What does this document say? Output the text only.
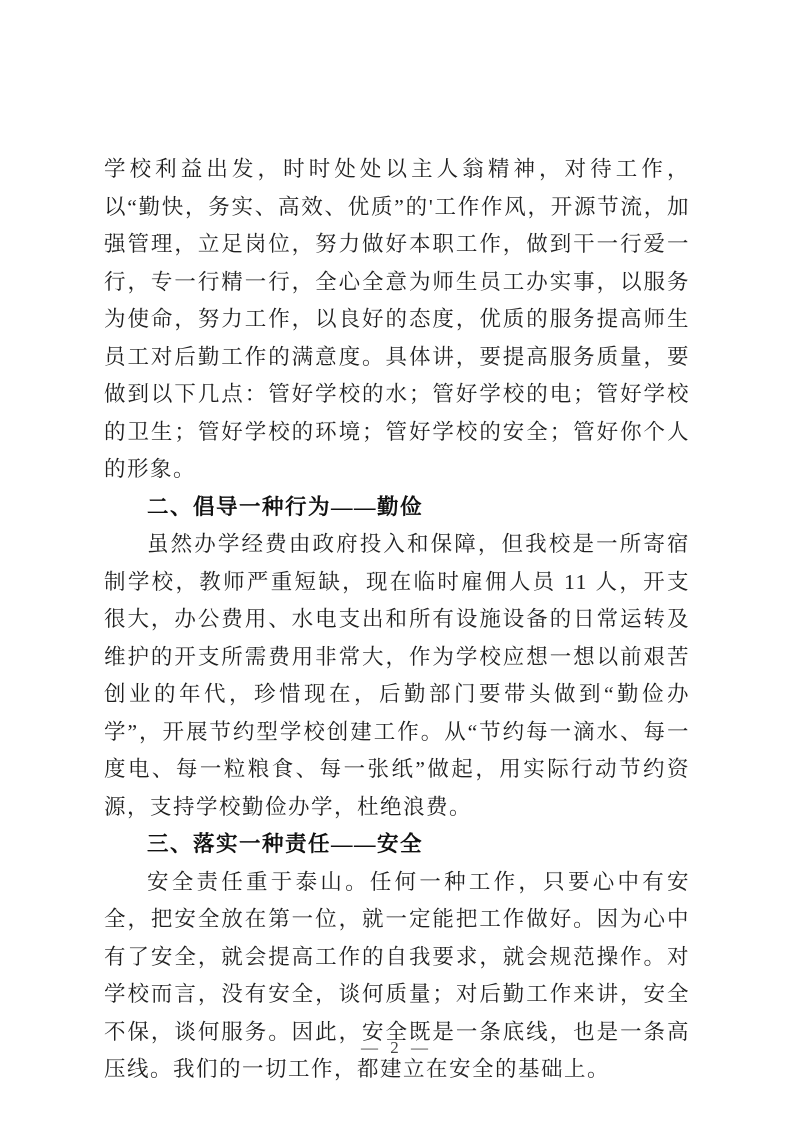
学校利益出发，时时处处以主人翁精神，对待工作，以“勤快，务实、高效、优质”的'工作作风，开源节流，加强管理，立足岗位，努力做好本职工作，做到干一行爱一行，专一行精一行，全心全意为师生员工办实事，以服务为使命，努力工作，以良好的态度，优质的服务提高师生员工对后勤工作的满意度。具体讲，要提高服务质量，要做到以下几点：管好学校的水；管好学校的电；管好学校的卫生；管好学校的环境；管好学校的安全；管好你个人的形象。

二、倡导一种行为——勤俭

虽然办学经费由政府投入和保障，但我校是一所寄宿制学校，教师严重短缺，现在临时雇佣人员 11 人，开支很大，办公费用、水电支出和所有设施设备的日常运转及维护的开支所需费用非常大，作为学校应想一想以前艰苦创业的年代，珍惜现在，后勤部门要带头做到“勤俭办学”，开展节约型学校创建工作。从“节约每一滴水、每一度电、每一粒粮食、每一张纸”做起，用实际行动节约资源，支持学校勤俭办学，杜绝浪费。

三、落实一种责任——安全

安全责任重于泰山。任何一种工作，只要心中有安全，把安全放在第一位，就一定能把工作做好。因为心中有了安全，就会提高工作的自我要求，就会规范操作。对学校而言，没有安全，谈何质量；对后勤工作来讲，安全不保，谈何服务。因此，安全既是一条底线，也是一条高压线。我们的一切工作，都建立在安全的基础上。

— 2 —
